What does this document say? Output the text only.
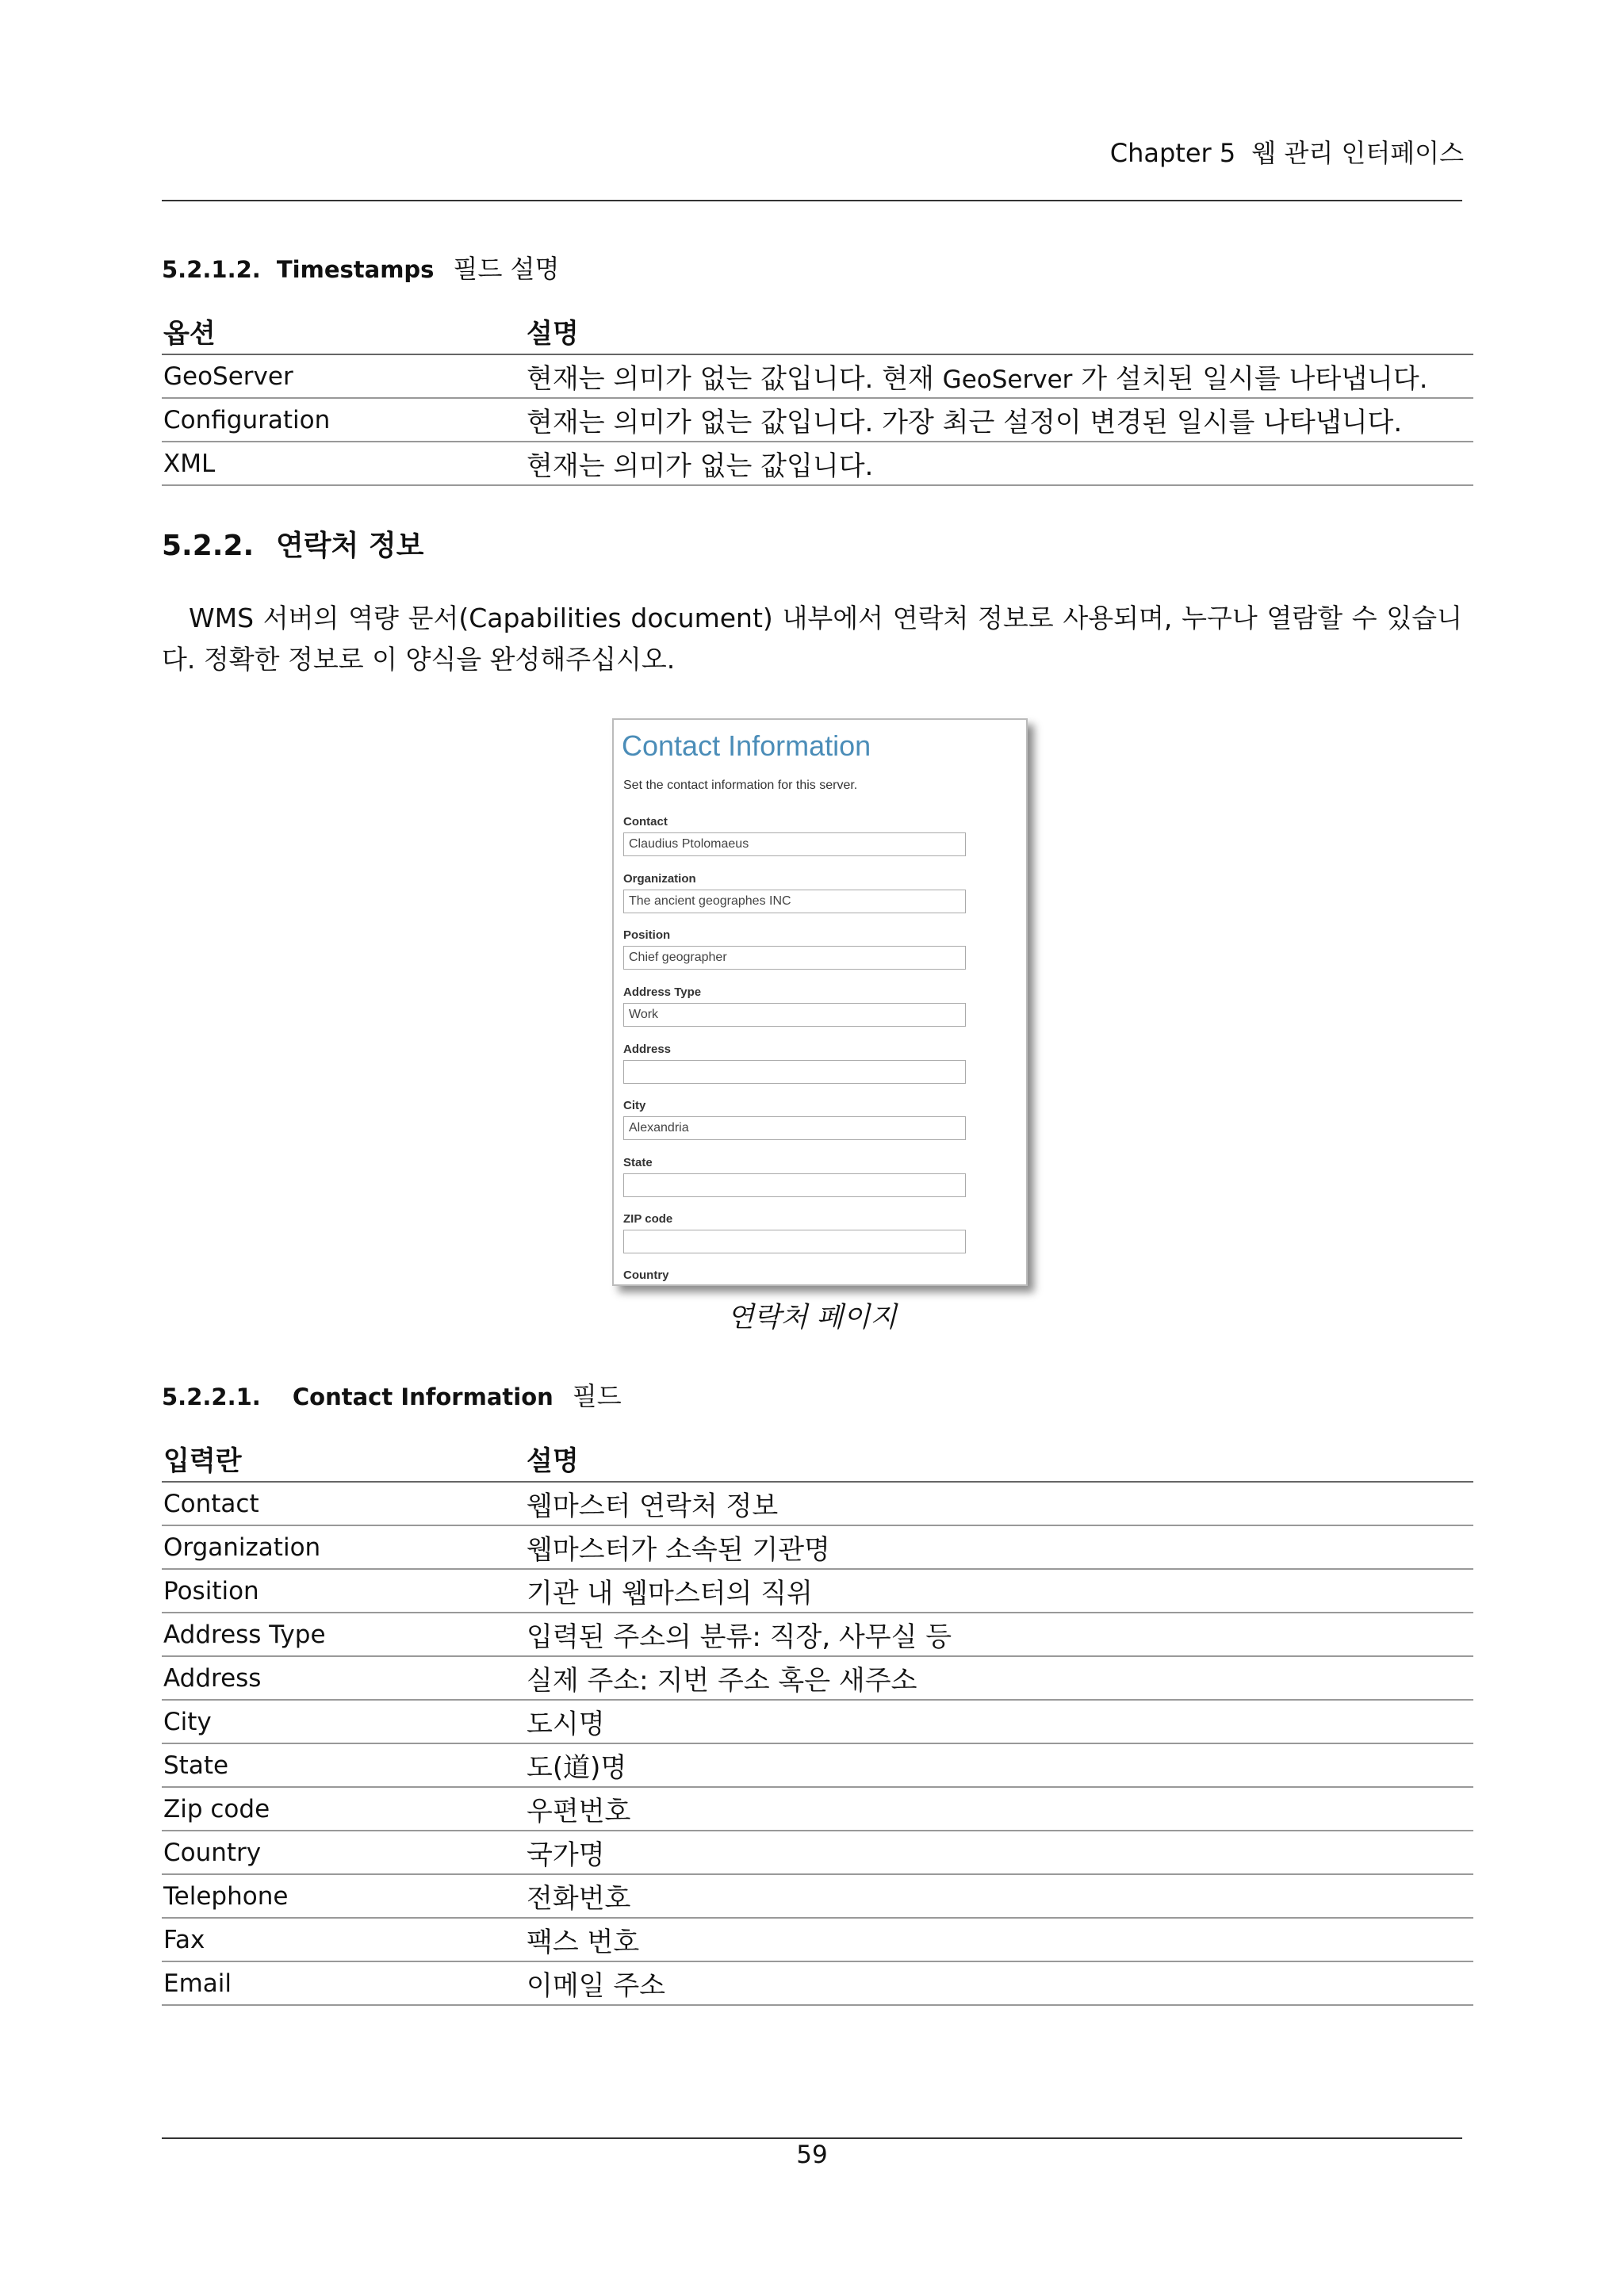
Chapter 5 웹 관리 인터페이스
5.2.1.2. Timestamps 필드 설명
옵션	설명
GeoServer	현재는 의미가 없는 값입니다. 현재 GeoServer 가 설치된 일시를 나타냅니다.
Configuration	현재는 의미가 없는 값입니다. 가장 최근 설정이 변경된 일시를 나타냅니다.
XML	현재는 의미가 없는 값입니다.
5.2.2. 연락처 정보
WMS 서버의 역량 문서(Capabilities document) 내부에서 연락처 정보로 사용되며, 누구나 열람할 수 있습니다. 정확한 정보로 이 양식을 완성해주십시오.
Contact Information
Set the contact information for this server.
Contact
Claudius Ptolomaeus
Organization
The ancient geographes INC
Position
Chief geographer
Address Type
Work
Address
City
Alexandria
State
ZIP code
Country
연락처 페이지
5.2.2.1. Contact Information 필드
입력란	설명
Contact	웹마스터 연락처 정보
Organization	웹마스터가 소속된 기관명
Position	기관 내 웹마스터의 직위
Address Type	입력된 주소의 분류: 직장, 사무실 등
Address	실제 주소: 지번 주소 혹은 새주소
City	도시명
State	도(道)명
Zip code	우편번호
Country	국가명
Telephone	전화번호
Fax	팩스 번호
Email	이메일 주소
59
